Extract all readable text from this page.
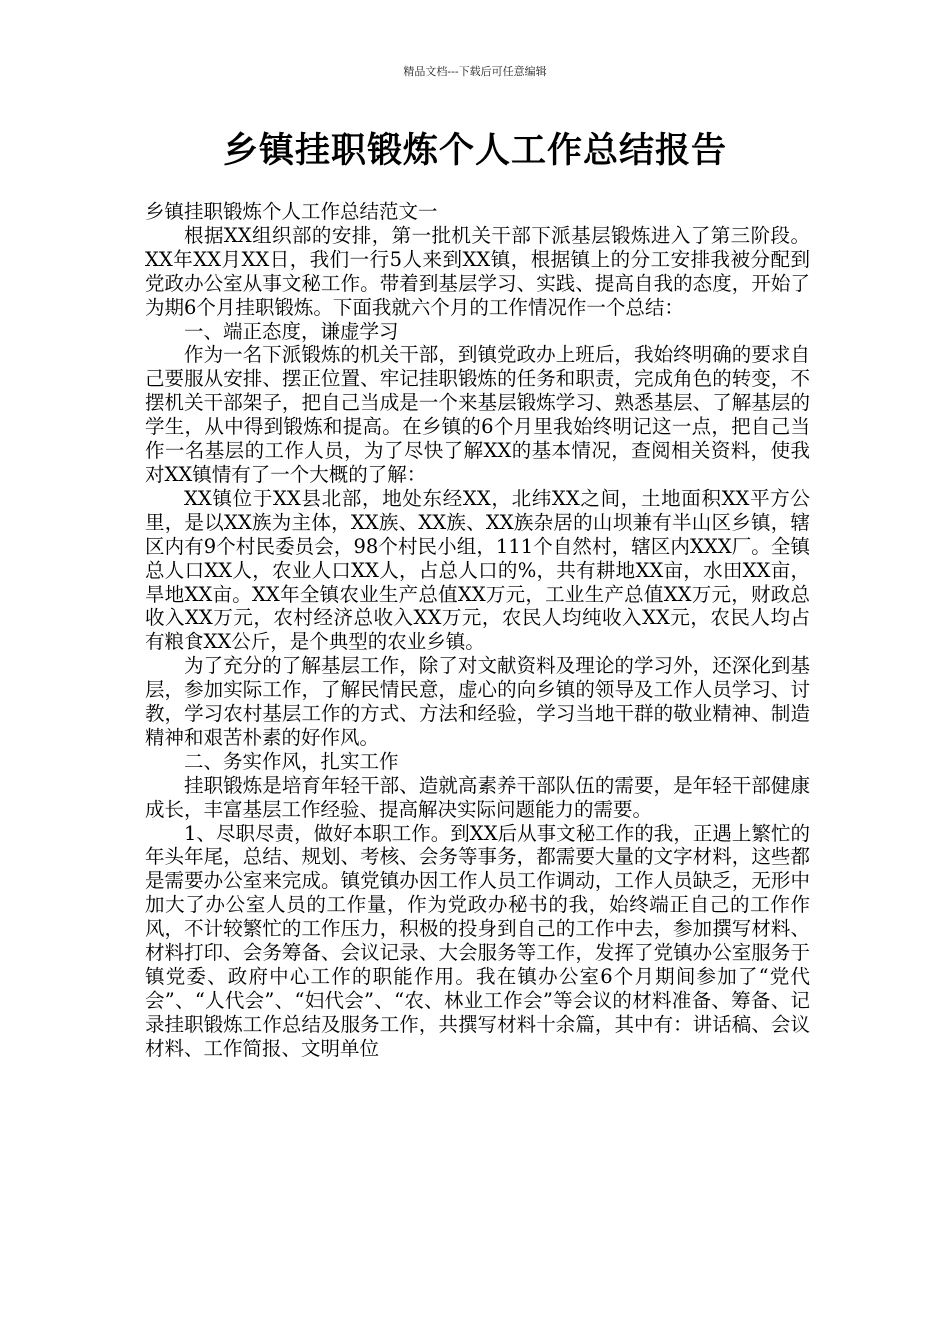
精品文档---下载后可任意编辑
乡镇挂职锻炼个人工作总结报告

乡镇挂职锻炼个人工作总结范文一

根据XX组织部的安排，第一批机关干部下派基层锻炼进入了第三阶段。XX年XX月XX日，我们一行5人来到XX镇，根据镇上的分工安排我被分配到党政办公室从事文秘工作。带着到基层学习、实践、提高自我的态度，开始了为期6个月挂职锻炼。下面我就六个月的工作情况作一个总结：

一、端正态度，谦虚学习

作为一名下派锻炼的机关干部，到镇党政办上班后，我始终明确的要求自己要服从安排、摆正位置、牢记挂职锻炼的任务和职责，完成角色的转变，不摆机关干部架子，把自己当成是一个来基层锻炼学习、熟悉基层、了解基层的学生，从中得到锻炼和提高。在乡镇的6个月里我始终明记这一点，把自己当作一名基层的工作人员，为了尽快了解XX的基本情况，查阅相关资料，使我对XX镇情有了一个大概的了解：

XX镇位于XX县北部，地处东经XX，北纬XX之间，土地面积XX平方公里，是以XX族为主体，XX族、XX族、XX族杂居的山坝兼有半山区乡镇，辖区内有9个村民委员会，98个村民小组，111个自然村，辖区内XXX厂。全镇总人口XX人，农业人口XX人，占总人口的%，共有耕地XX亩，水田XX亩，旱地XX亩。XX年全镇农业生产总值XX万元，工业生产总值XX万元，财政总收入XX万元，农村经济总收入XX万元，农民人均纯收入XX元，农民人均占有粮食XX公斤，是个典型的农业乡镇。

为了充分的了解基层工作，除了对文献资料及理论的学习外，还深化到基层，参加实际工作，了解民情民意，虚心的向乡镇的领导及工作人员学习、讨教，学习农村基层工作的方式、方法和经验，学习当地干群的敬业精神、制造精神和艰苦朴素的好作风。

二、务实作风，扎实工作

挂职锻炼是培育年轻干部、造就高素养干部队伍的需要，是年轻干部健康成长，丰富基层工作经验、提高解决实际问题能力的需要。

1、尽职尽责，做好本职工作。到XX后从事文秘工作的我，正遇上繁忙的年头年尾，总结、规划、考核、会务等事务，都需要大量的文字材料，这些都是需要办公室来完成。镇党镇办因工作人员工作调动，工作人员缺乏，无形中加大了办公室人员的工作量，作为党政办秘书的我，始终端正自己的工作作风，不计较繁忙的工作压力，积极的投身到自己的工作中去，参加撰写材料、材料打印、会务筹备、会议记录、大会服务等工作，发挥了党镇办公室服务于镇党委、政府中心工作的职能作用。我在镇办公室6个月期间参加了“党代会”、“人代会”、“妇代会”、“农、林业工作会”等会议的材料准备、筹备、记录挂职锻炼工作总结及服务工作，共撰写材料十余篇，其中有：讲话稿、会议材料、工作简报、文明单位
